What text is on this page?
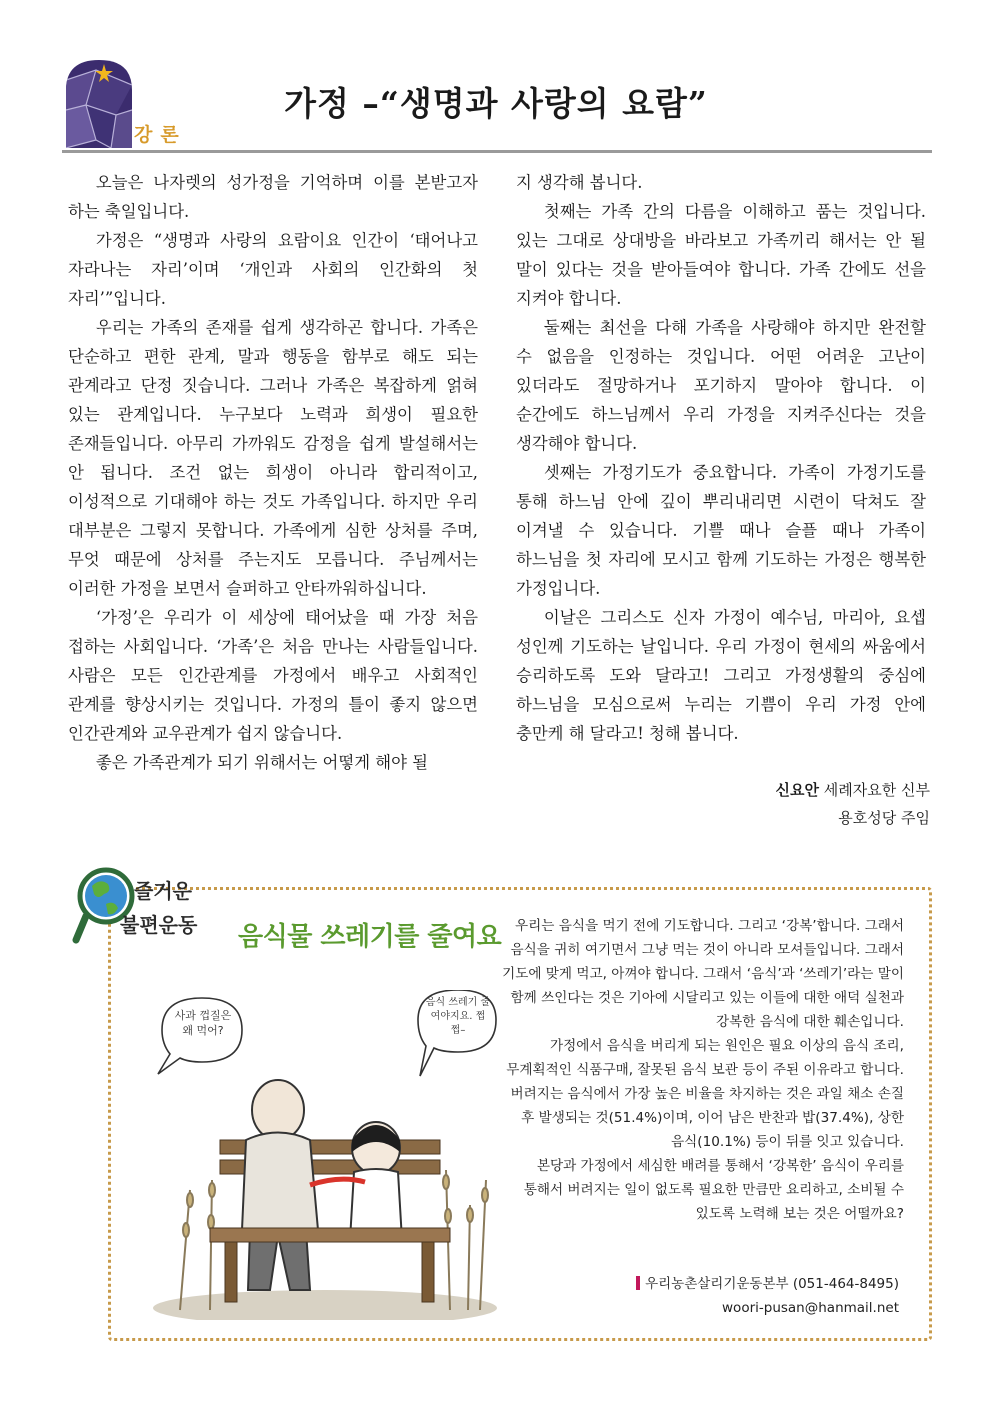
강론
가정 –“생명과 사랑의 요람”

오늘은 나자렛의 성가정을 기억하며 이를 본받고자 하는 축일입니다.

가정은 “생명과 사랑의 요람이요 인간이 ‘태어나고 자라나는 자리’이며 ‘개인과 사회의 인간화의 첫 자리’”입니다.

우리는 가족의 존재를 쉽게 생각하곤 합니다. 가족은 단순하고 편한 관계, 말과 행동을 함부로 해도 되는 관계라고 단정 짓습니다. 그러나 가족은 복잡하게 얽혀 있는 관계입니다. 누구보다 노력과 희생이 필요한 존재들입니다. 아무리 가까워도 감정을 쉽게 발설해서는 안 됩니다. 조건 없는 희생이 아니라 합리적이고, 이성적으로 기대해야 하는 것도 가족입니다. 하지만 우리 대부분은 그렇지 못합니다. 가족에게 심한 상처를 주며, 무엇 때문에 상처를 주는지도 모릅니다. 주님께서는 이러한 가정을 보면서 슬퍼하고 안타까워하십니다.

‘가정’은 우리가 이 세상에 태어났을 때 가장 처음 접하는 사회입니다. ‘가족’은 처음 만나는 사람들입니다. 사람은 모든 인간관계를 가정에서 배우고 사회적인 관계를 향상시키는 것입니다. 가정의 틀이 좋지 않으면 인간관계와 교우관계가 쉽지 않습니다.

좋은 가족관계가 되기 위해서는 어떻게 해야 될

지 생각해 봅니다.

첫째는 가족 간의 다름을 이해하고 품는 것입니다. 있는 그대로 상대방을 바라보고 가족끼리 해서는 안 될 말이 있다는 것을 받아들여야 합니다. 가족 간에도 선을 지켜야 합니다.

둘째는 최선을 다해 가족을 사랑해야 하지만 완전할 수 없음을 인정하는 것입니다. 어떤 어려운 고난이 있더라도 절망하거나 포기하지 말아야 합니다. 이 순간에도 하느님께서 우리 가정을 지켜주신다는 것을 생각해야 합니다.

셋째는 가정기도가 중요합니다. 가족이 가정기도를 통해 하느님 안에 깊이 뿌리내리면 시련이 닥쳐도 잘 이겨낼 수 있습니다. 기쁠 때나 슬플 때나 가족이 하느님을 첫 자리에 모시고 함께 기도하는 가정은 행복한 가정입니다.

이날은 그리스도 신자 가정이 예수님, 마리아, 요셉 성인께 기도하는 날입니다. 우리 가정이 현세의 싸움에서 승리하도록 도와 달라고! 그리고 가정생활의 중심에 하느님을 모심으로써 누리는 기쁨이 우리 가정 안에 충만케 해 달라고! 청해 봅니다.

신요안 세례자요한 신부
용호성당 주임
즐거운
불편운동 음식물 쓰레기를 줄여요
사과 껍질은 왜 먹어?
음식 쓰레기 줄여야지요. 쩝쩝–

우리는 음식을 먹기 전에 기도합니다. 그리고 ‘강복’합니다. 그래서 음식을 귀히 여기면서 그냥 먹는 것이 아니라 모셔들입니다. 그래서 기도에 맞게 먹고, 아껴야 합니다. 그래서 ‘음식’과 ‘쓰레기’라는 말이 함께 쓰인다는 것은 기아에 시달리고 있는 이들에 대한 애덕 실천과 강복한 음식에 대한 훼손입니다.

가정에서 음식을 버리게 되는 원인은 필요 이상의 음식 조리, 무계획적인 식품구매, 잘못된 음식 보관 등이 주된 이유라고 합니다. 버려지는 음식에서 가장 높은 비율을 차지하는 것은 과일 채소 손질 후 발생되는 것(51.4%)이며, 이어 남은 반찬과 밥(37.4%), 상한 음식(10.1%) 등이 뒤를 잇고 있습니다.

본당과 가정에서 세심한 배려를 통해서 ‘강복한’ 음식이 우리를 통해서 버려지는 일이 없도록 필요한 만큼만 요리하고, 소비될 수 있도록 노력해 보는 것은 어떨까요?

우리농촌살리기운동본부 (051-464-8495)
woori-pusan@hanmail.net
